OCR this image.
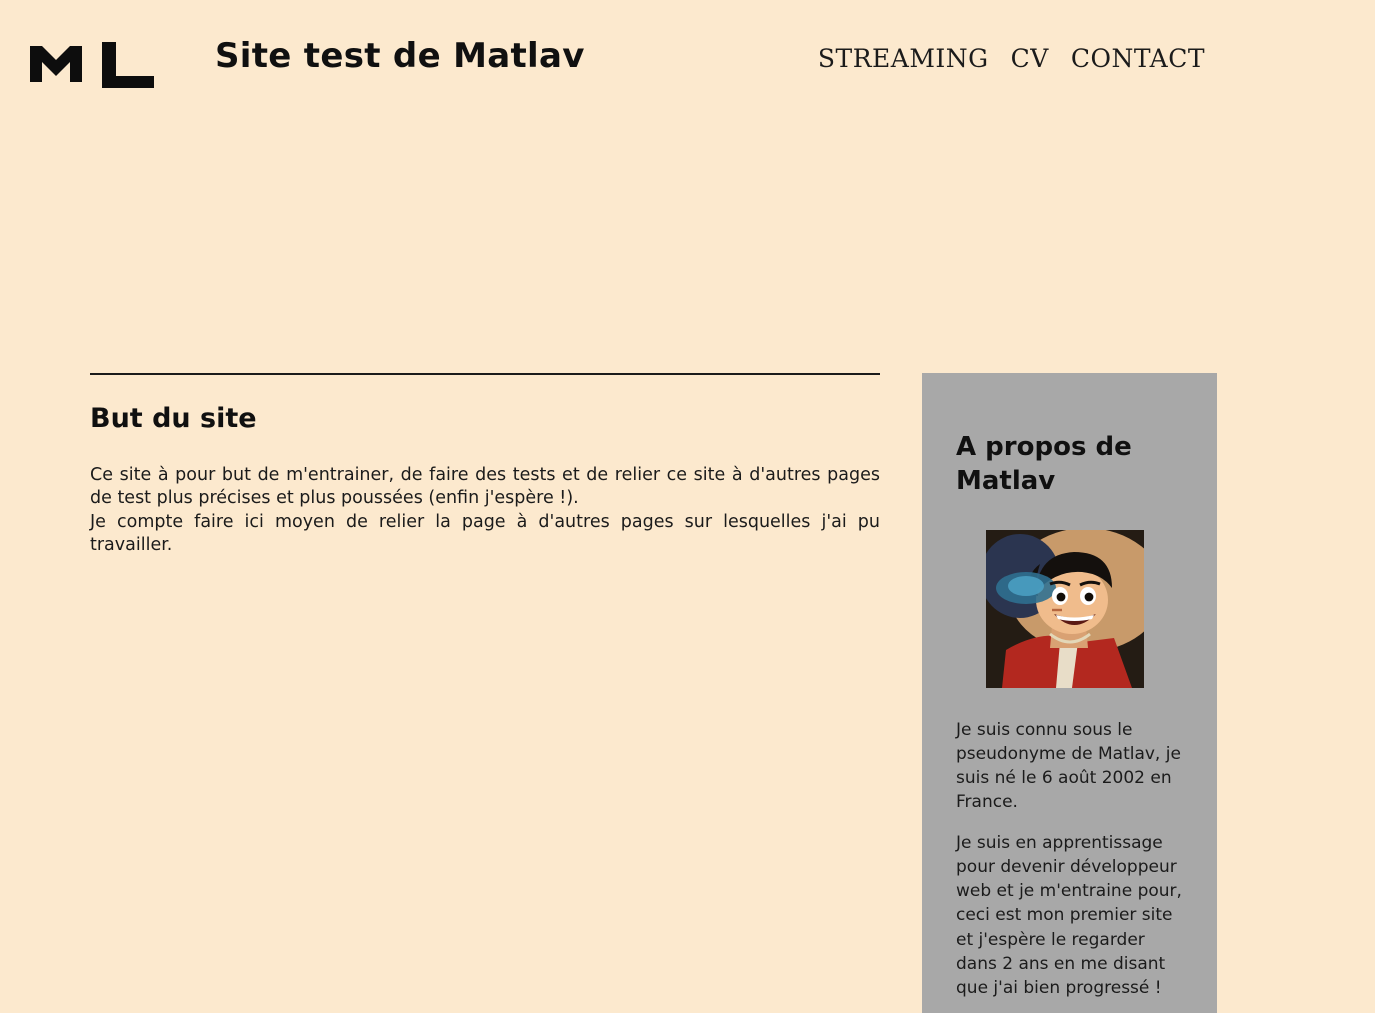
Site test de Matlav	STREAMING CV CONTACT
But du site

Ce site à pour but de m'entrainer, de faire des tests et de relier ce site à d'autres pages de test plus précises et plus poussées (enfin j'espère !).

Je compte faire ici moyen de relier la page à d'autres pages sur lesquelles j'ai pu travailler.

A propos de Matlav

Je suis connu sous le pseudonyme de Matlav, je suis né le 6 août 2002 en France.

Je suis en apprentissage pour devenir développeur web et je m'entraine pour, ceci est mon premier site et j'espère le regarder dans 2 ans en me disant que j'ai bien progressé !
